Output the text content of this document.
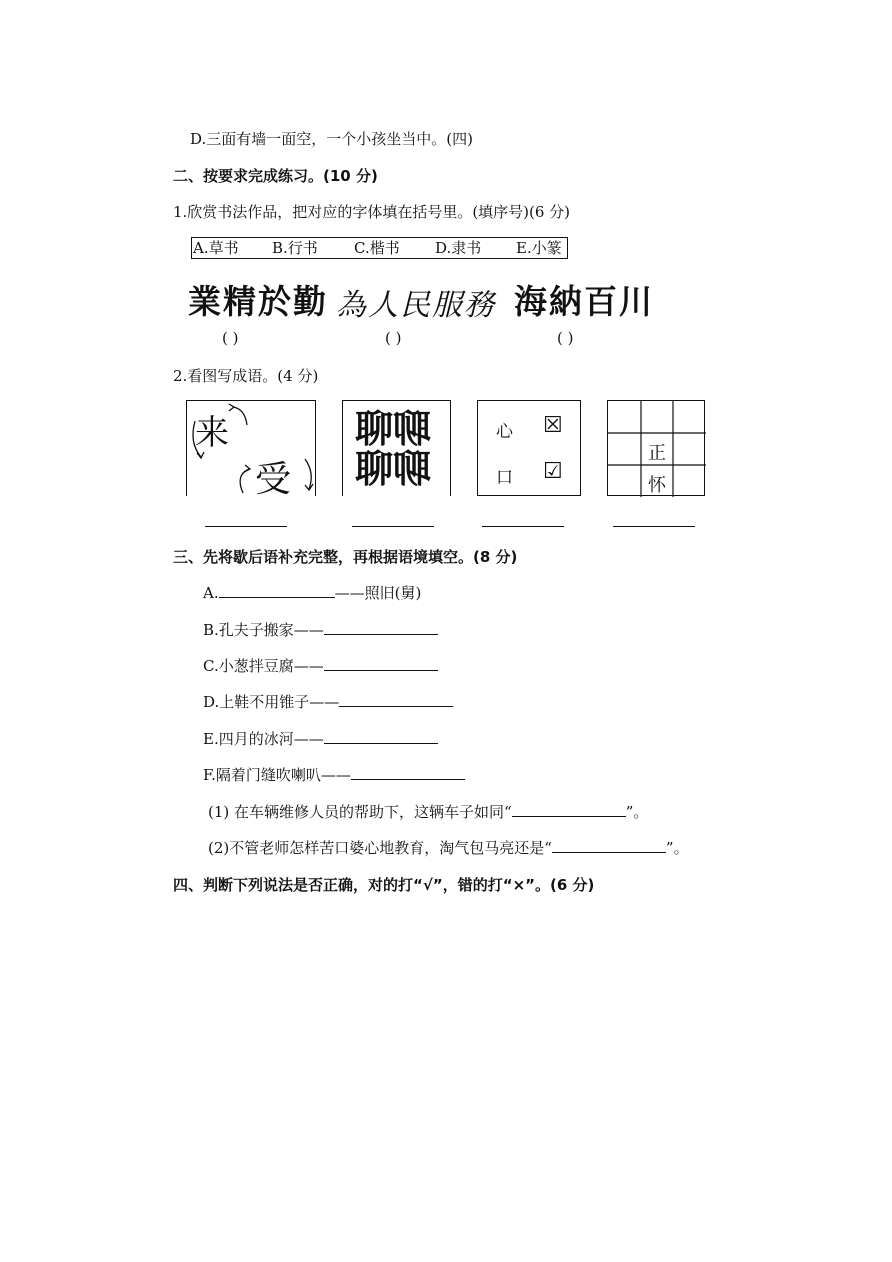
D.三面有墙一面空，一个小孩坐当中。(四)
二、按要求完成练习。(10 分)
1.欣赏书法作品，把对应的字体填在括号里。(填序号)(6 分)
A.草书 B.行书 C.楷书 D.隶书 E.小篆
業精於勤 為人民服務 海納百川
( )	( )	( )
2.看图写成语。(4 分)
来
受
聊聊
聊聊
心 ☒
口 ☑
正
怀
三、先将歇后语补充完整，再根据语境填空。(8 分)
A.	——照旧(舅)
B.孔夫子搬家——
C.小葱拌豆腐——
D.上鞋不用锥子——
E.四月的冰河——
F.隔着门缝吹喇叭——
(1) 在车辆维修人员的帮助下，这辆车子如同“	”。
(2)不管老师怎样苦口婆心地教育，淘气包马亮还是“	”。
四、判断下列说法是否正确，对的打“√”，错的打“×”。(6 分)
